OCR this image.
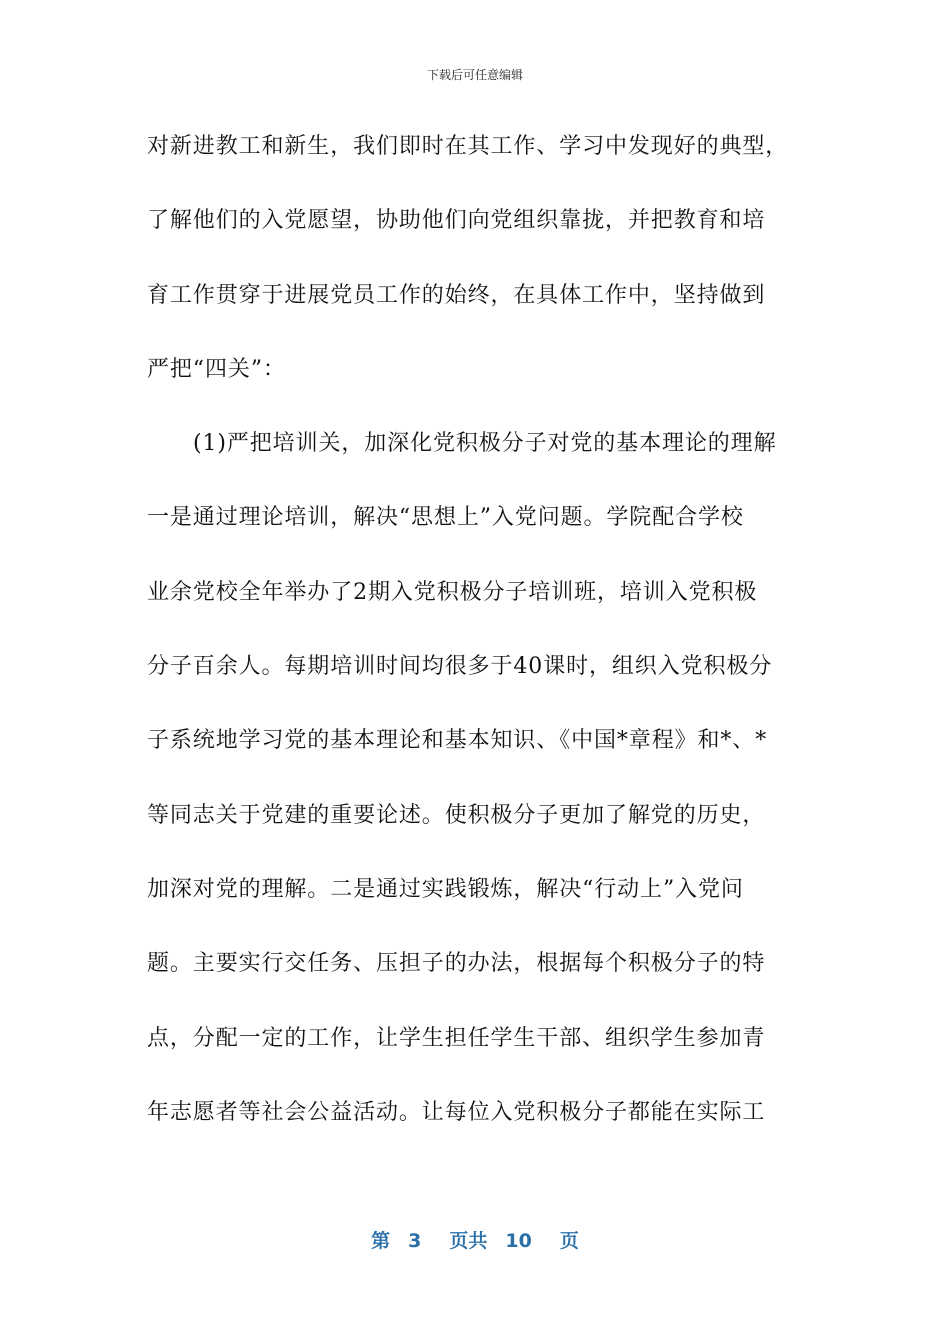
下载后可任意编辑
对新进教工和新生，我们即时在其工作、学习中发现好的典型，
了解他们的入党愿望，协助他们向党组织靠拢，并把教育和培
育工作贯穿于进展党员工作的始终，在具体工作中，坚持做到
严把“四关”：
(1)严把培训关，加深化党积极分子对党的基本理论的理解
一是通过理论培训，解决“思想上”入党问题。学院配合学校
业余党校全年举办了2期入党积极分子培训班，培训入党积极
分子百余人。每期培训时间均很多于40课时，组织入党积极分
子系统地学习党的基本理论和基本知识、《中国*章程》和*、*
等同志关于党建的重要论述。使积极分子更加了解党的历史，
加深对党的理解。二是通过实践锻炼，解决“行动上”入党问
题。主要实行交任务、压担子的办法，根据每个积极分子的特
点，分配一定的工作，让学生担任学生干部、组织学生参加青
年志愿者等社会公益活动。让每位入党积极分子都能在实际工
第 3 页共 10 页
